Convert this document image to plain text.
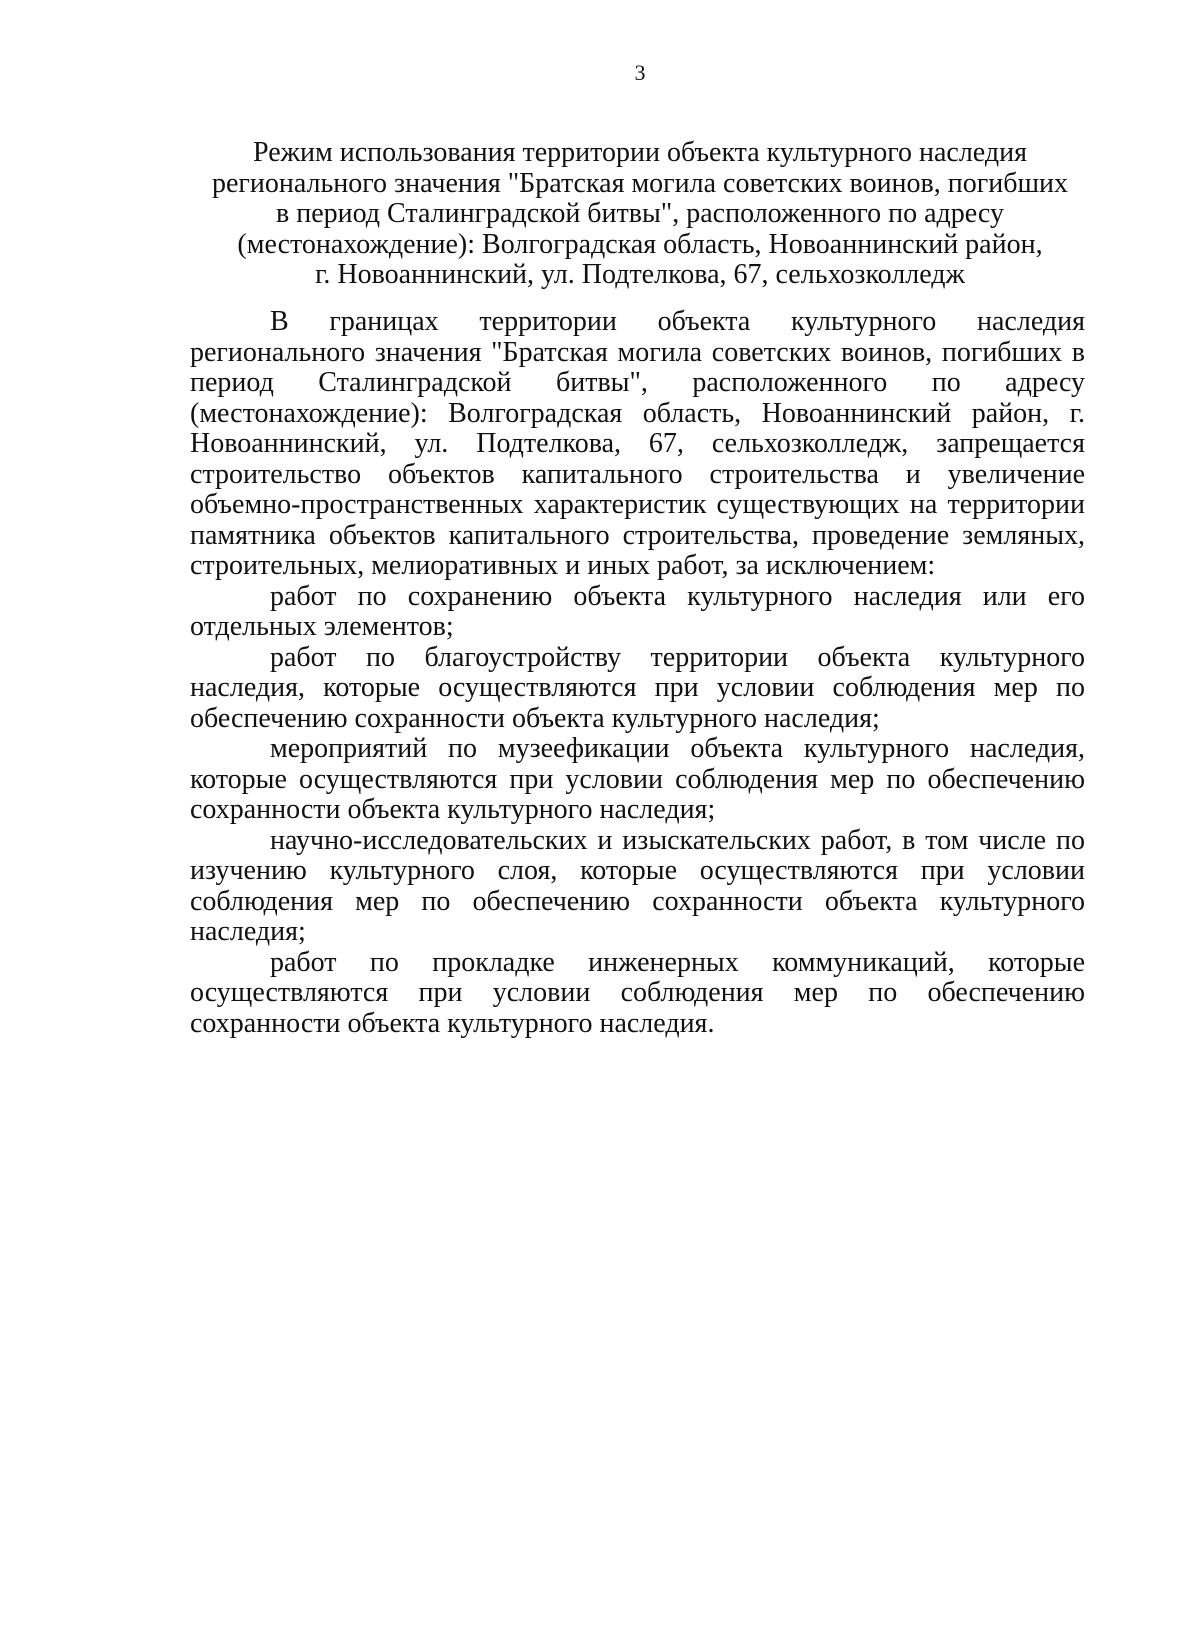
3
Режим использования территории объекта культурного наследия
регионального значения "Братская могила советских воинов, погибших
в период Сталинградской битвы", расположенного по адресу
(местонахождение): Волгоградская область, Новоаннинский район,
г. Новоаннинский, ул. Подтелкова, 67, сельхозколледж

В границах территории объекта культурного наследия регионального значения "Братская могила советских воинов, погибших в период Сталинградской битвы", расположенного по адресу (местонахождение): Волгоградская область, Новоаннинский район, г. Новоаннинский, ул. Подтелкова, 67, сельхозколледж, запрещается строительство объектов капитального строительства и увеличение объемно-пространственных характеристик существующих на территории памятника объектов капитального строительства, проведение земляных, строительных, мелиоративных и иных работ, за исключением:

работ по сохранению объекта культурного наследия или его отдельных элементов;

работ по благоустройству территории объекта культурного наследия, которые осуществляются при условии соблюдения мер по обеспечению сохранности объекта культурного наследия;

мероприятий по музеефикации объекта культурного наследия, которые осуществляются при условии соблюдения мер по обеспечению сохранности объекта культурного наследия;

научно-исследовательских и изыскательских работ, в том числе по изучению культурного слоя, которые осуществляются при условии соблюдения мер по обеспечению сохранности объекта культурного наследия;

работ по прокладке инженерных коммуникаций, которые осуществляются при условии соблюдения мер по обеспечению сохранности объекта культурного наследия.
